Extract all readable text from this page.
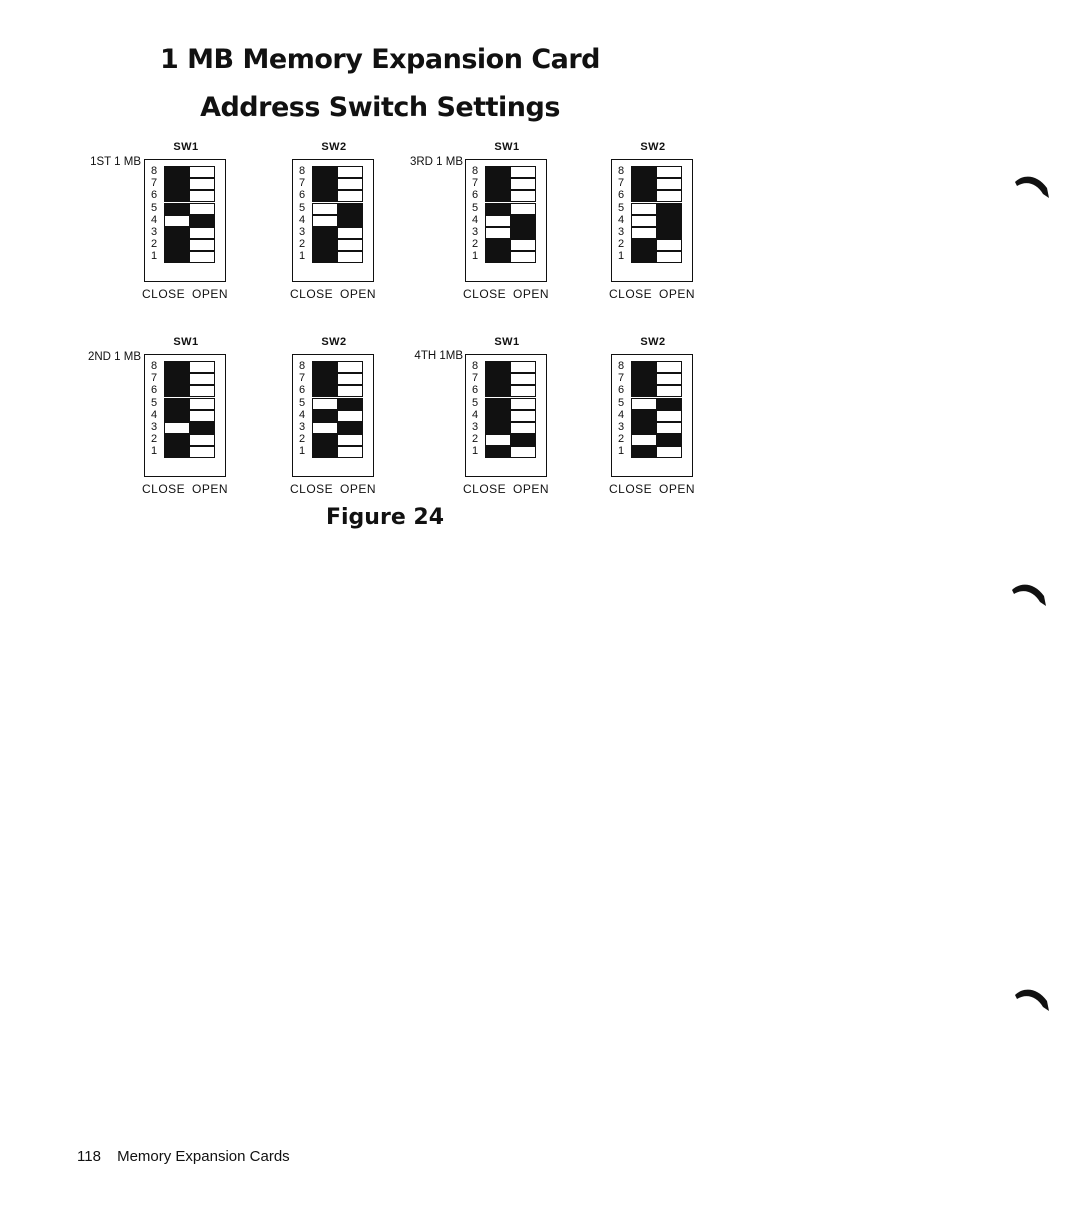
1 MB Memory Expansion Card
Address Switch Settings
1ST 1 MB	3RD 1 MB
2ND 1 MB	4TH 1MB
SW1
8
7
6
5
4
3
2
1
CLOSE OPEN
SW2
8
7
6
5
4
3
2
1
CLOSE OPEN
SW1
8
7
6
5
4
3
2
1
CLOSE OPEN
SW2
8
7
6
5
4
3
2
1
CLOSE OPEN
SW1
8
7
6
5
4
3
2
1
CLOSE OPEN
SW2
8
7
6
5
4
3
2
1
CLOSE OPEN
SW1
8
7
6
5
4
3
2
1
CLOSE OPEN
SW2
8
7
6
5
4
3
2
1
CLOSE OPEN

Figure 24

118 Memory Expansion Cards
